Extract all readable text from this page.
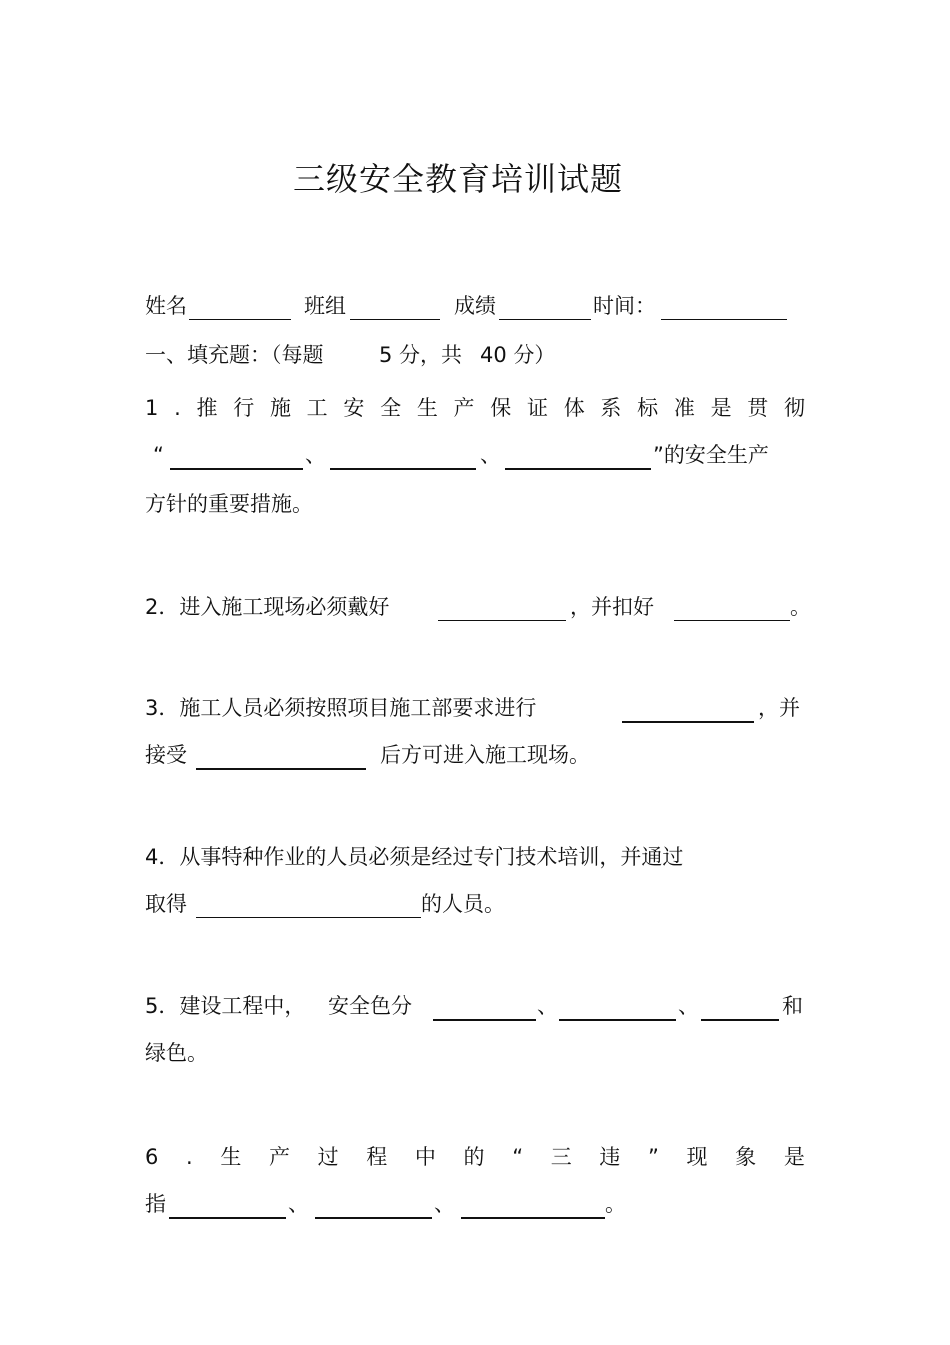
三级安全教育培训试题
姓名	班组	成绩	时间：
一、填充题：（每题	5 分，共 40 分）
1 . 推 行 施 工 安 全 生 产 保 证 体 系 标 准 是 贯 彻
“	、	、	”的安全生产
方针的重要措施。
2．进入施工现场必须戴好	，并扣好	。
3．施工人员必须按照项目施工部要求进行	，并
接受	后方可进入施工现场。
4．从事特种作业的人员必须是经过专门技术培训，并通过
取得	的人员。
5．建设工程中， 安全色分	、	、	和
绿色。
6 . 生 产 过 程 中 的 “ 三 违 ” 现 象 是
指	、	、	。
